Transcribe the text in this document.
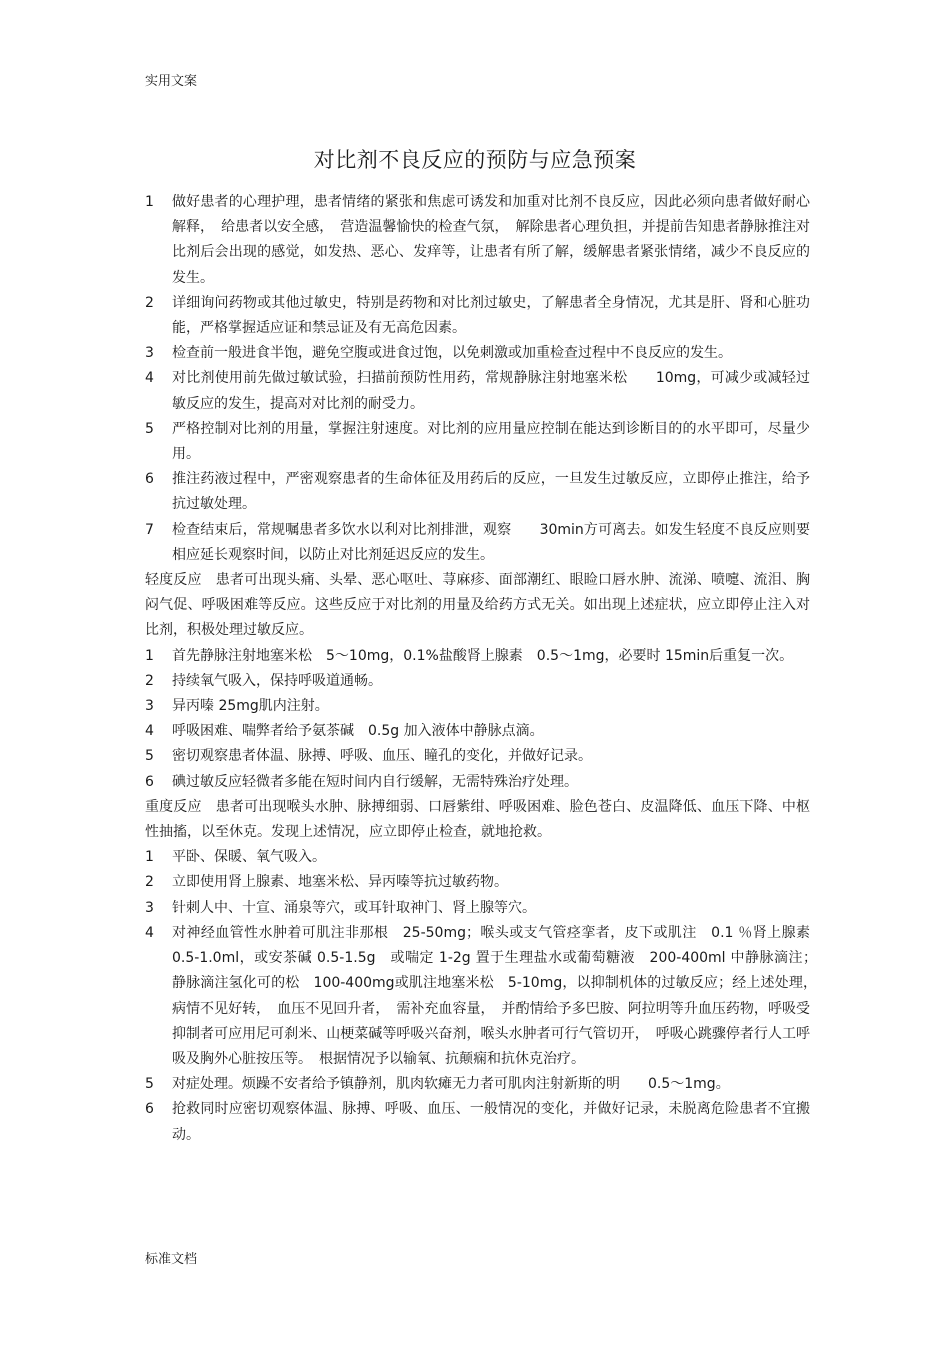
实用文案
对比剂不良反应的预防与应急预案
1	做好患者的心理护理，患者情绪的紧张和焦虑可诱发和加重对比剂不良反应，因此必须向患者做好耐心解释，　给患者以安全感，　营造温馨愉快的检查气氛，　解除患者心理负担，并提前告知患者静脉推注对比剂后会出现的感觉，如发热、恶心、发痒等，让患者有所了解，缓解患者紧张情绪，减少不良反应的发生。
2	详细询问药物或其他过敏史，特别是药物和对比剂过敏史，了解患者全身情况，尤其是肝、肾和心脏功能，严格掌握适应证和禁忌证及有无高危因素。
3	检查前一般进食半饱，避免空腹或进食过饱，以免刺激或加重检查过程中不良反应的发生。
4	对比剂使用前先做过敏试验，扫描前预防性用药，常规静脉注射地塞米松　　10mg，可减少或减轻过敏反应的发生，提高对对比剂的耐受力。
5	严格控制对比剂的用量，掌握注射速度。对比剂的应用量应控制在能达到诊断目的的水平即可，尽量少用。
6	推注药液过程中，严密观察患者的生命体征及用药后的反应，一旦发生过敏反应，立即停止推注，给予抗过敏处理。
7	检查结束后，常规嘱患者多饮水以利对比剂排泄，观察　　30min方可离去。如发生轻度不良反应则要相应延长观察时间，以防止对比剂延迟反应的发生。
轻度反应　患者可出现头痛、头晕、恶心呕吐、荨麻疹、面部潮红、眼睑口唇水肿、流涕、喷嚏、流泪、胸闷气促、呼吸困难等反应。这些反应于对比剂的用量及给药方式无关。如出现上述症状，应立即停止注入对比剂，积极处理过敏反应。
1	首先静脉注射地塞米松　5～10mg，0.1%盐酸肾上腺素　0.5～1mg，必要时 15min后重复一次。
2	持续氧气吸入，保持呼吸道通畅。
3	异丙嗪 25mg肌内注射。
4	呼吸困难、喘弊者给予氨茶碱　0.5g 加入液体中静脉点滴。
5	密切观察患者体温、脉搏、呼吸、血压、瞳孔的变化，并做好记录。
6	碘过敏反应轻微者多能在短时间内自行缓解，无需特殊治疗处理。
重度反应　患者可出现喉头水肿、脉搏细弱、口唇紫绀、呼吸困难、脸色苍白、皮温降低、血压下降、中枢性抽搐，以至休克。发现上述情况，应立即停止检查，就地抢救。
1	平卧、保暖、氧气吸入。
2	立即使用肾上腺素、地塞米松、异丙嗪等抗过敏药物。
3	针刺人中、十宣、涌泉等穴，或耳针取神门、肾上腺等穴。
4	对神经血管性水肿着可肌注非那根　25-50mg；喉头或支气管痉挛者，皮下或肌注　0.1 ％肾上腺素 0.5-1.0ml，或安茶碱 0.5-1.5g　或喘定 1-2g 置于生理盐水或葡萄糖液　200-400ml 中静脉滴注；　静脉滴注氢化可的松　100-400mg或肌注地塞米松　5-10mg，以抑制机体的过敏反应；经上述处理，　病情不见好转，　血压不见回升者，　需补充血容量，　并酌情给予多巴胺、阿拉明等升血压药物，呼吸受抑制者可应用尼可刹米、山梗菜碱等呼吸兴奋剂，喉头水肿者可行气管切开，　呼吸心跳骤停者行人工呼吸及胸外心脏按压等。　根据情况予以输氧、抗颠痫和抗休克治疗。
5	对症处理。烦躁不安者给予镇静剂，肌肉软瘫无力者可肌肉注射新斯的明　　0.5～1mg。
6	抢救同时应密切观察体温、脉搏、呼吸、血压、一般情况的变化，并做好记录，未脱离危险患者不宜搬动。
标准文档
